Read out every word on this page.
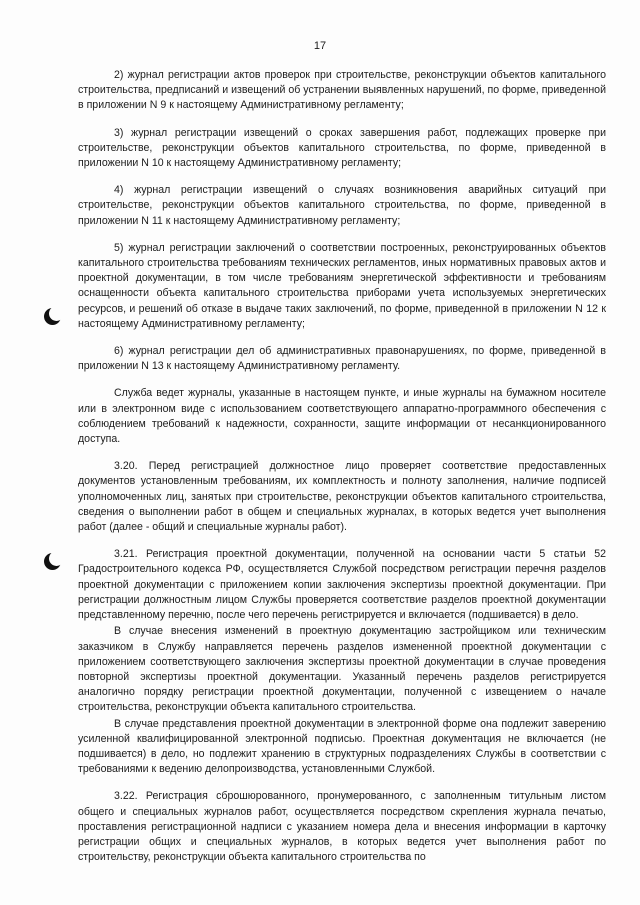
17

2) журнал регистрации актов проверок при строительстве, реконструкции объектов капитального строительства, предписаний и извещений об устранении выявленных нарушений, по форме, приведенной в приложении N 9 к настоящему Административному регламенту;

3) журнал регистрации извещений о сроках завершения работ, подлежащих проверке при строительстве, реконструкции объектов капитального строительства, по форме, приведенной в приложении N 10 к настоящему Административному регламенту;

4) журнал регистрации извещений о случаях возникновения аварийных ситуаций при строительстве, реконструкции объектов капитального строительства, по форме, приведенной в приложении N 11 к настоящему Административному регламенту;

5) журнал регистрации заключений о соответствии построенных, реконструированных объектов капитального строительства требованиям технических регламентов, иных нормативных правовых актов и проектной документации, в том числе требованиям энергетической эффективности и требованиям оснащенности объекта капитального строительства приборами учета используемых энергетических ресурсов, и решений об отказе в выдаче таких заключений, по форме, приведенной в приложении N 12 к настоящему Административному регламенту;

6) журнал регистрации дел об административных правонарушениях, по форме, приведенной в приложении N 13 к настоящему Административному регламенту.

Служба ведет журналы, указанные в настоящем пункте, и иные журналы на бумажном носителе или в электронном виде с использованием соответствующего аппаратно-программного обеспечения с соблюдением требований к надежности, сохранности, защите информации от несанкционированного доступа.

3.20. Перед регистрацией должностное лицо проверяет соответствие предоставленных документов установленным требованиям, их комплектность и полноту заполнения, наличие подписей уполномоченных лиц, занятых при строительстве, реконструкции объектов капитального строительства, сведения о выполнении работ в общем и специальных журналах, в которых ведется учет выполнения работ (далее - общий и специальные журналы работ).

3.21. Регистрация проектной документации, полученной на основании части 5 статьи 52 Градостроительного кодекса РФ, осуществляется Службой посредством регистрации перечня разделов проектной документации с приложением копии заключения экспертизы проектной документации. При регистрации должностным лицом Службы проверяется соответствие разделов проектной документации представленному перечню, после чего перечень регистрируется и включается (подшивается) в дело.

В случае внесения изменений в проектную документацию застройщиком или техническим заказчиком в Службу направляется перечень разделов измененной проектной документации с приложением соответствующего заключения экспертизы проектной документации в случае проведения повторной экспертизы проектной документации. Указанный перечень разделов регистрируется аналогично порядку регистрации проектной документации, полученной с извещением о начале строительства, реконструкции объекта капитального строительства.

В случае представления проектной документации в электронной форме она подлежит заверению усиленной квалифицированной электронной подписью. Проектная документация не включается (не подшивается) в дело, но подлежит хранению в структурных подразделениях Службы в соответствии с требованиями к ведению делопроизводства, установленными Службой.

3.22. Регистрация сброшюрованного, пронумерованного, с заполненным титульным листом общего и специальных журналов работ, осуществляется посредством скрепления журнала печатью, проставления регистрационной надписи с указанием номера дела и внесения информации в карточку регистрации общих и специальных журналов, в которых ведется учет выполнения работ по строительству, реконструкции объекта капитального строительства по
